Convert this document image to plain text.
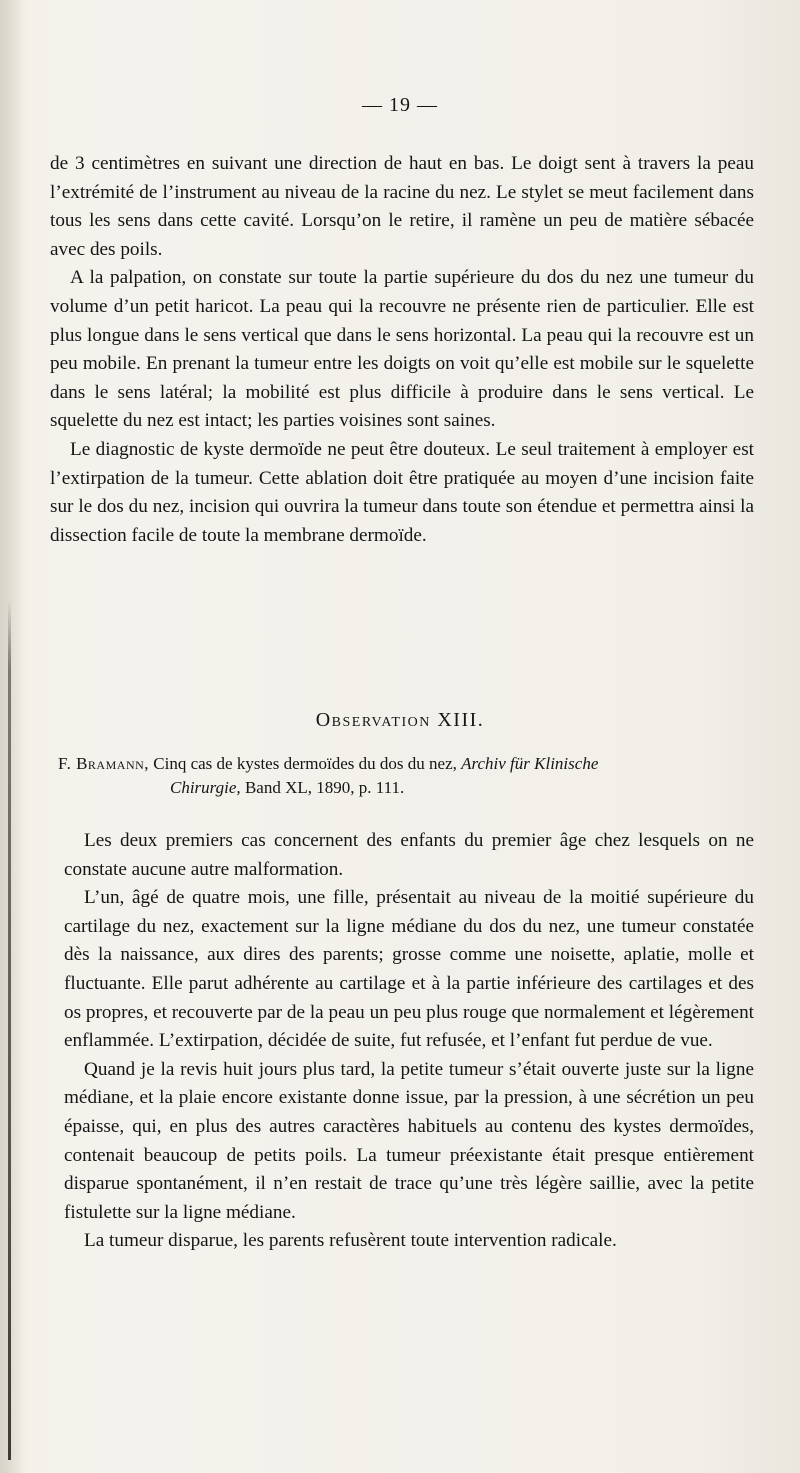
— 19 —

de 3 centimètres en suivant une direction de haut en bas. Le doigt sent à travers la peau l’extrémité de l’instrument au niveau de la racine du nez. Le stylet se meut facilement dans tous les sens dans cette cavité. Lorsqu’on le retire, il ramène un peu de matière sébacée avec des poils.

A la palpation, on constate sur toute la partie supérieure du dos du nez une tumeur du volume d’un petit haricot. La peau qui la recouvre ne présente rien de particulier. Elle est plus longue dans le sens vertical que dans le sens horizontal. La peau qui la recouvre est un peu mobile. En prenant la tumeur entre les doigts on voit qu’elle est mobile sur le squelette dans le sens latéral; la mobilité est plus difficile à produire dans le sens vertical. Le squelette du nez est intact; les parties voisines sont saines.

Le diagnostic de kyste dermoïde ne peut être douteux. Le seul traitement à employer est l’extirpation de la tumeur. Cette ablation doit être pratiquée au moyen d’une incision faite sur le dos du nez, incision qui ouvrira la tumeur dans toute son étendue et permettra ainsi la dissection facile de toute la membrane dermoïde.

Observation XIII.
F. Bramann, Cinq cas de kystes dermoïdes du dos du nez, Archiv für Klinische
Chirurgie, Band XL, 1890, p. 111.

Les deux premiers cas concernent des enfants du premier âge chez lesquels on ne constate aucune autre malformation.

L’un, âgé de quatre mois, une fille, présentait au niveau de la moitié supérieure du cartilage du nez, exactement sur la ligne médiane du dos du nez, une tumeur constatée dès la naissance, aux dires des parents; grosse comme une noisette, aplatie, molle et fluctuante. Elle parut adhérente au cartilage et à la partie inférieure des cartilages et des os propres, et recouverte par de la peau un peu plus rouge que normalement et légèrement enflammée. L’extirpation, décidée de suite, fut refusée, et l’enfant fut perdue de vue.

Quand je la revis huit jours plus tard, la petite tumeur s’était ouverte juste sur la ligne médiane, et la plaie encore existante donne issue, par la pression, à une sécrétion un peu épaisse, qui, en plus des autres caractères habituels au contenu des kystes dermoïdes, contenait beaucoup de petits poils. La tumeur préexistante était presque entièrement disparue spontanément, il n’en restait de trace qu’une très légère saillie, avec la petite fistulette sur la ligne médiane.

La tumeur disparue, les parents refusèrent toute intervention radicale.
